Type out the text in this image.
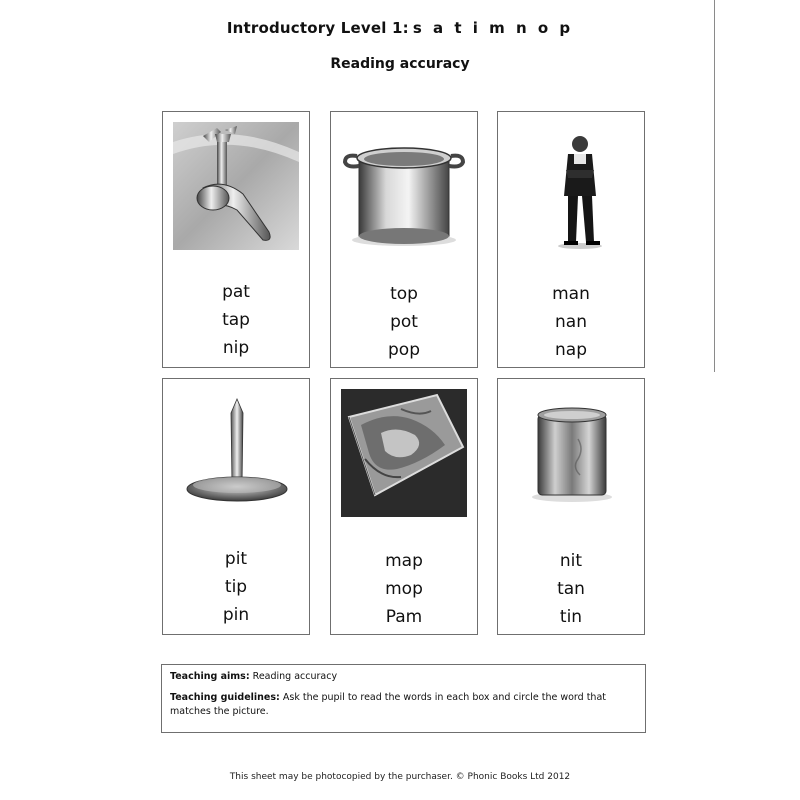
Introductory Level 1: s a t i m n o p
Reading accuracy
pat
tap
nip
top
pot
pop
man
nan
nap
pit
tip
pin
map
mop
Pam
nit
tan
tin
Teaching aims: Reading accuracy
Teaching guidelines: Ask the pupil to read the words in each box and circle the word that matches the picture.
This sheet may be photocopied by the purchaser. © Phonic Books Ltd 2012
